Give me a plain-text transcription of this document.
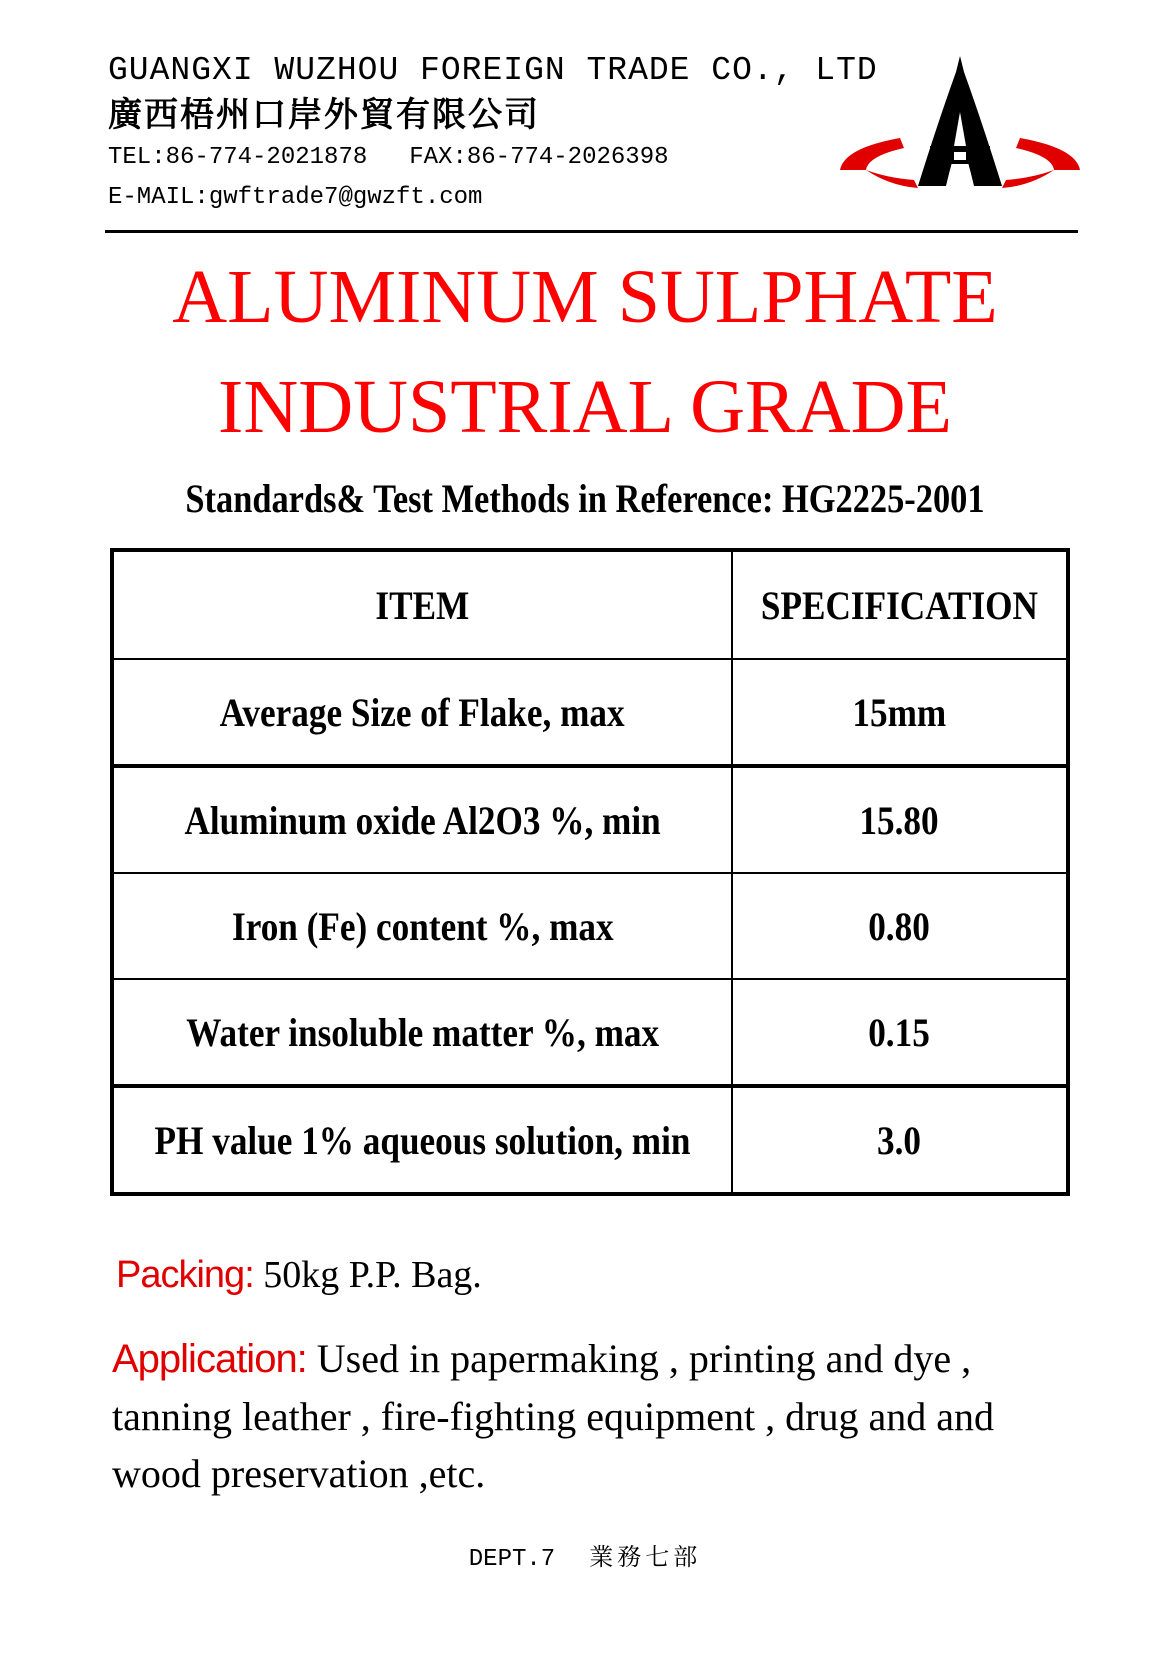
GUANGXI WUZHOU FOREIGN TRADE CO., LTD
廣西梧州口岸外貿有限公司
TEL:86-774-2021878 FAX:86-774-2026398
E-MAIL:gwftrade7@gwzft.com
ALUMINUM SULPHATE
INDUSTRIAL GRADE
Standards& Test Methods in Reference: HG2225-2001
ITEM	SPECIFICATION
Average Size of Flake, max	15mm
Aluminum oxide Al2O3 %, min	15.80
Iron (Fe) content %, max	0.80
Water insoluble matter %, max	0.15
PH value 1% aqueous solution, min	3.0
Packing: 50kg P.P. Bag.
Application: Used in papermaking , printing and dye , tanning leather , fire-fighting equipment , drug and and wood preservation ,etc.
DEPT.7 業務七部
